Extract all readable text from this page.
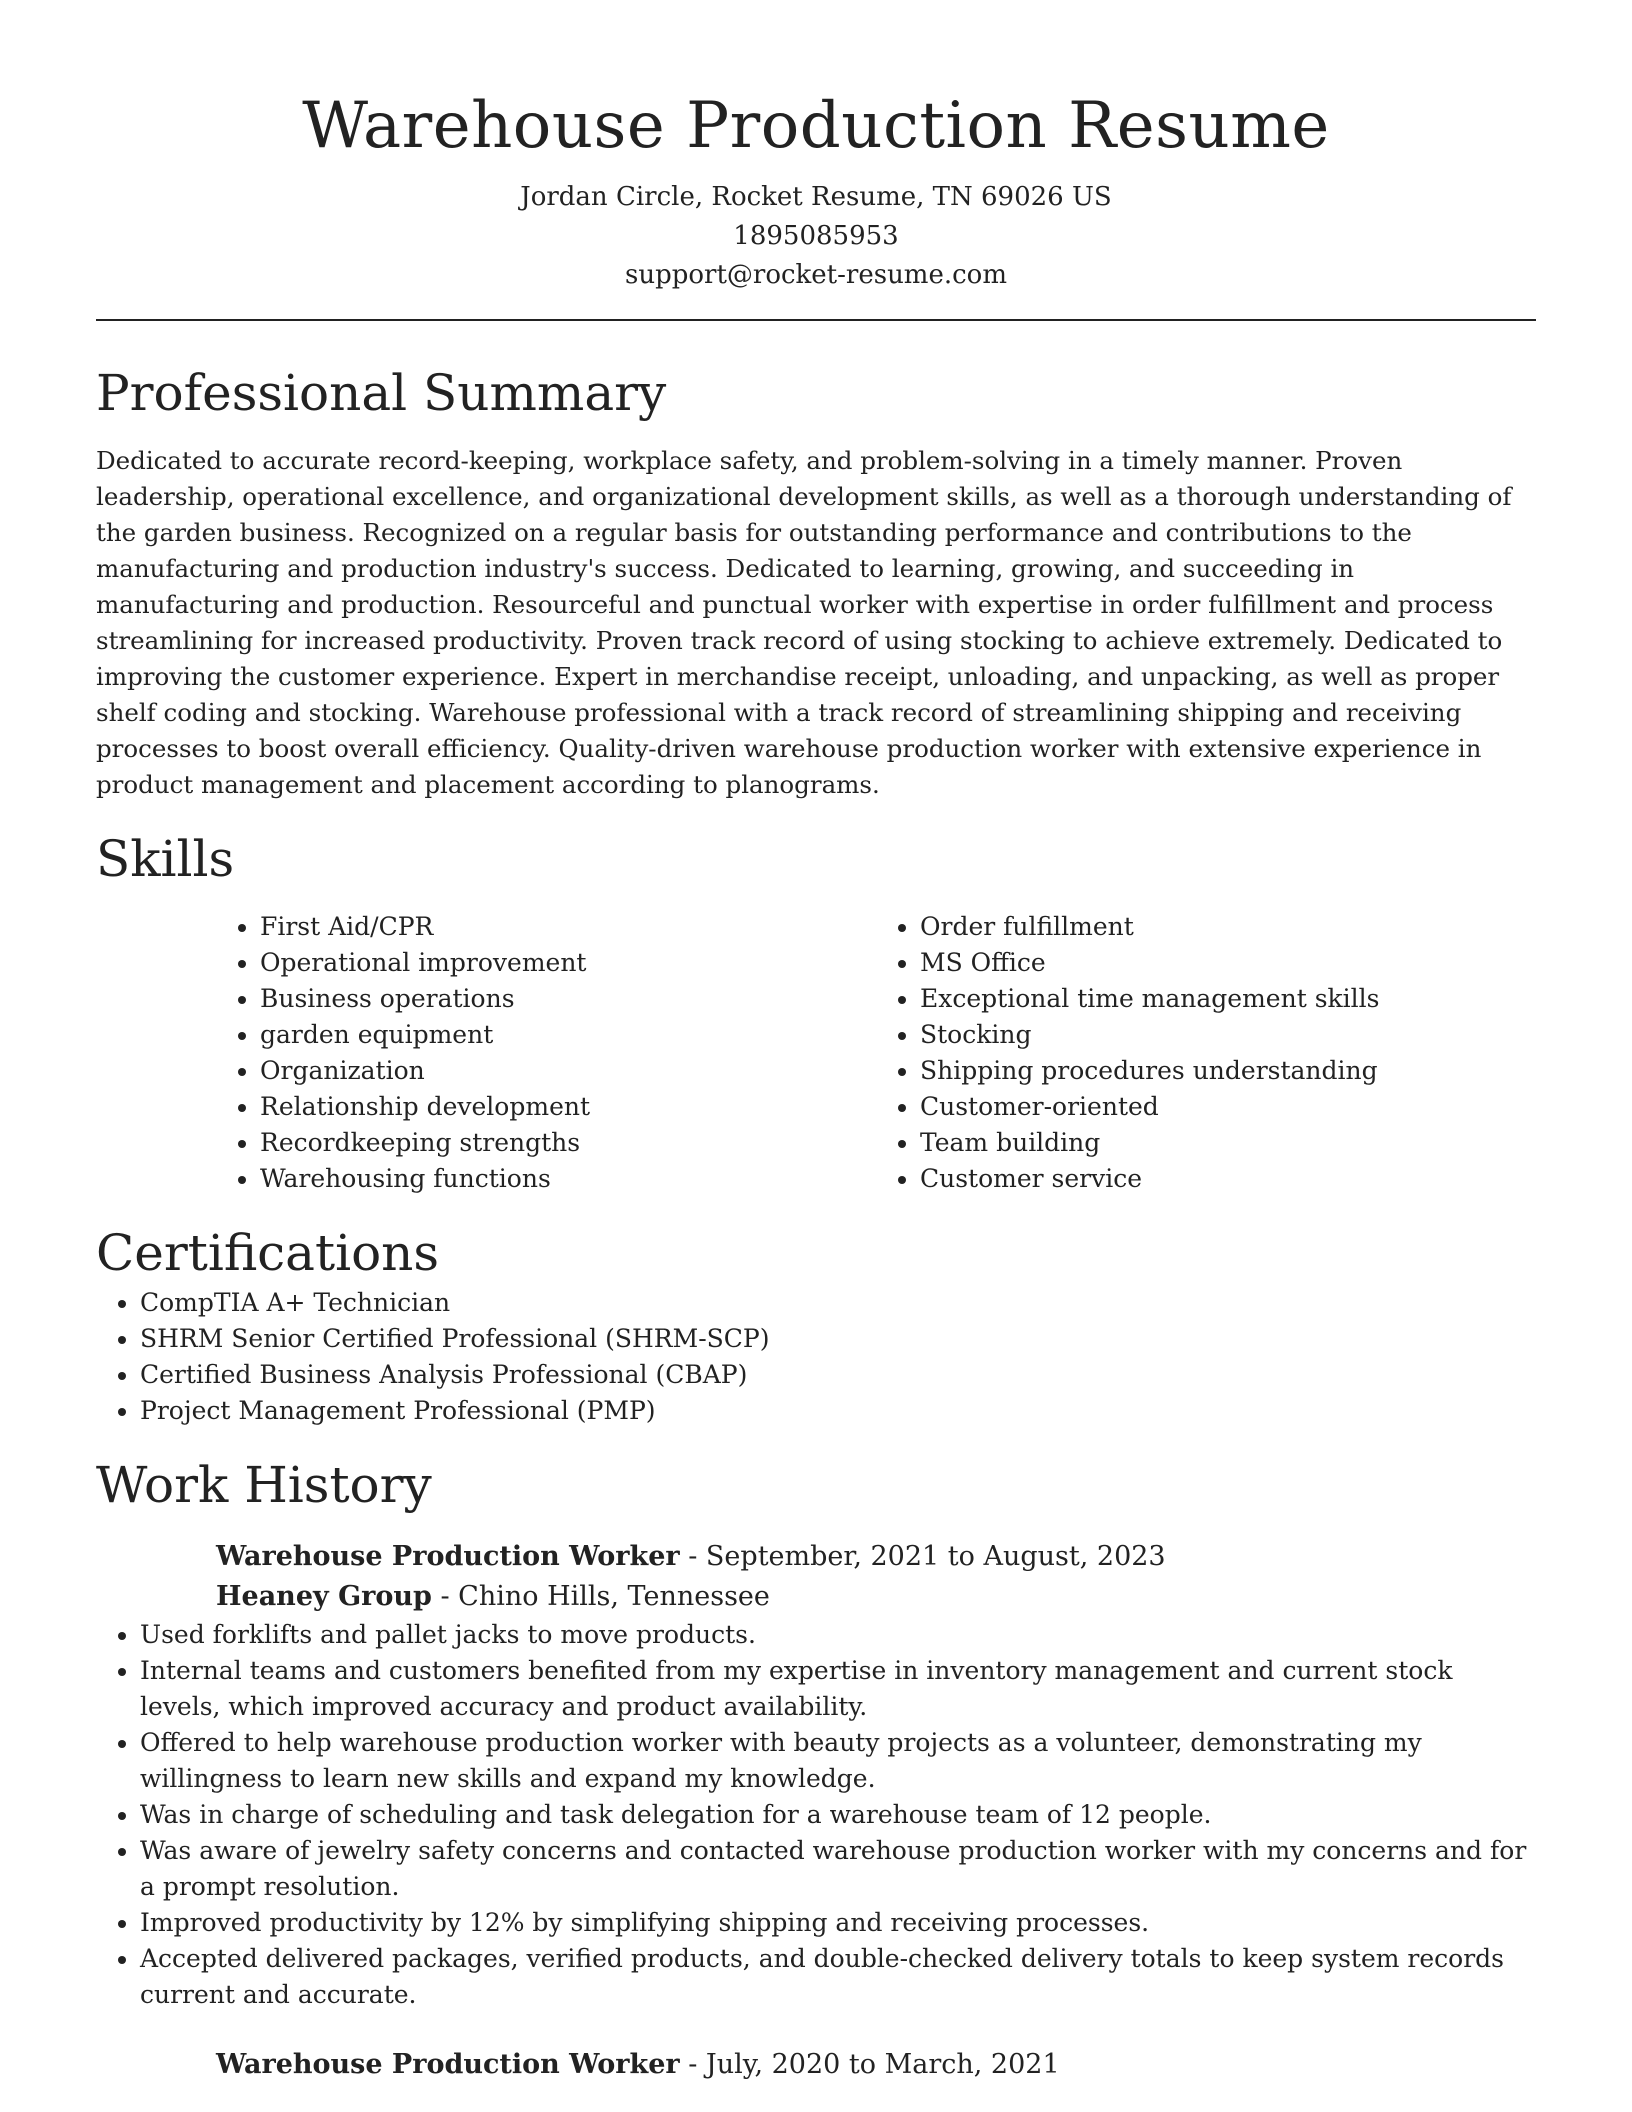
Warehouse Production Resume
Jordan Circle, Rocket Resume, TN 69026 US
1895085953
support@rocket-resume.com
Professional Summary

Dedicated to accurate record-keeping, workplace safety, and problem-solving in a timely manner. Proven leadership, operational excellence, and organizational development skills, as well as a thorough understanding of the garden business. Recognized on a regular basis for outstanding performance and contributions to the manufacturing and production industry's success. Dedicated to learning, growing, and succeeding in manufacturing and production. Resourceful and punctual worker with expertise in order fulfillment and process streamlining for increased productivity. Proven track record of using stocking to achieve extremely. Dedicated to improving the customer experience. Expert in merchandise receipt, unloading, and unpacking, as well as proper shelf coding and stocking. Warehouse professional with a track record of streamlining shipping and receiving processes to boost overall efficiency. Quality-driven warehouse production worker with extensive experience in product management and placement according to planograms.

Skills
• First Aid/CPR
• Operational improvement
• Business operations
• garden equipment
• Organization
• Relationship development
• Recordkeeping strengths
• Warehousing functions
• Order fulfillment
• MS Office
• Exceptional time management skills
• Stocking
• Shipping procedures understanding
• Customer-oriented
• Team building
• Customer service
Certifications
• CompTIA A+ Technician
• SHRM Senior Certified Professional (SHRM-SCP)
• Certified Business Analysis Professional (CBAP)
• Project Management Professional (PMP)
Work History
Warehouse Production Worker - September, 2021 to August, 2023
Heaney Group - Chino Hills, Tennessee
• Used forklifts and pallet jacks to move products.
• Internal teams and customers benefited from my expertise in inventory management and current stock levels, which improved accuracy and product availability.
• Offered to help warehouse production worker with beauty projects as a volunteer, demonstrating my willingness to learn new skills and expand my knowledge.
• Was in charge of scheduling and task delegation for a warehouse team of 12 people.
• Was aware of jewelry safety concerns and contacted warehouse production worker with my concerns and for a prompt resolution.
• Improved productivity by 12% by simplifying shipping and receiving processes.
• Accepted delivered packages, verified products, and double-checked delivery totals to keep system records current and accurate.
Warehouse Production Worker - July, 2020 to March, 2021
